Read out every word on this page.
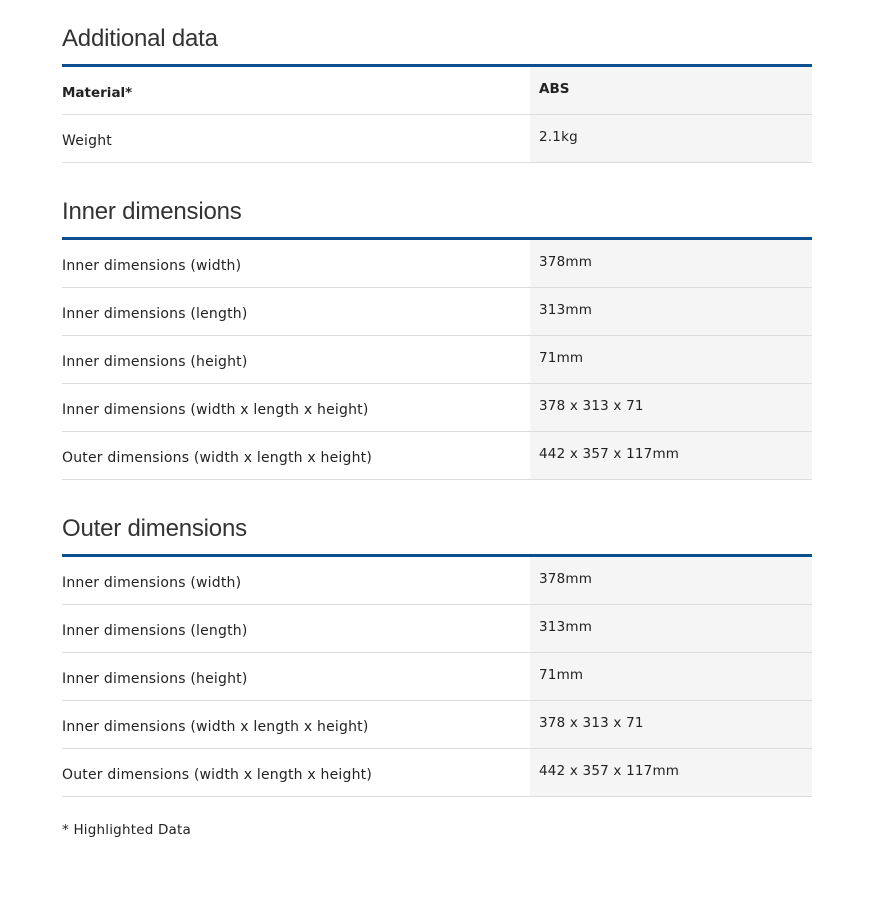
Additional data
Material*	ABS
Weight	2.1kg
Inner dimensions
Inner dimensions (width)	378mm
Inner dimensions (length)	313mm
Inner dimensions (height)	71mm
Inner dimensions (width x length x height)	378 x 313 x 71
Outer dimensions (width x length x height)	442 x 357 x 117mm
Outer dimensions
Inner dimensions (width)	378mm
Inner dimensions (length)	313mm
Inner dimensions (height)	71mm
Inner dimensions (width x length x height)	378 x 313 x 71
Outer dimensions (width x length x height)	442 x 357 x 117mm
* Highlighted Data
